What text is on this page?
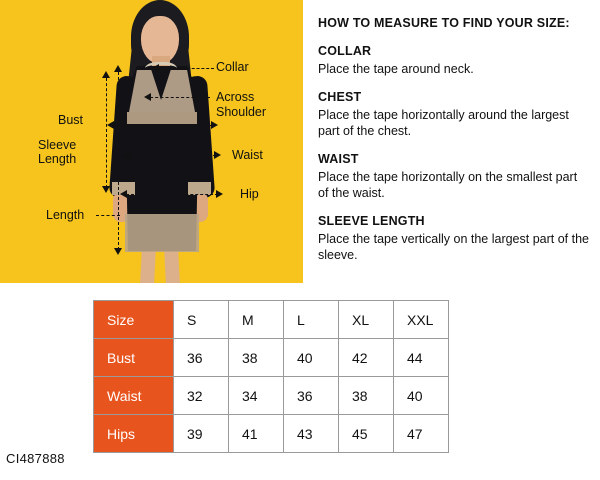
Collar
Across
Shoulder
Bust
Sleeve
Length	Waist
Hip
Length
HOW TO MEASURE TO FIND YOUR SIZE:
COLLAR
Place the tape around neck.
CHEST
Place the tape horizontally around the largest part of the chest.
WAIST
Place the tape horizontally on the smallest part of the waist.
SLEEVE LENGTH
Place the tape vertically on the largest part of the sleeve.
Size	S	M	L	XL	XXL
Bust	36	38	40	42	44
Waist	32	34	36	38	40
Hips	39	41	43	45	47
CI487888
